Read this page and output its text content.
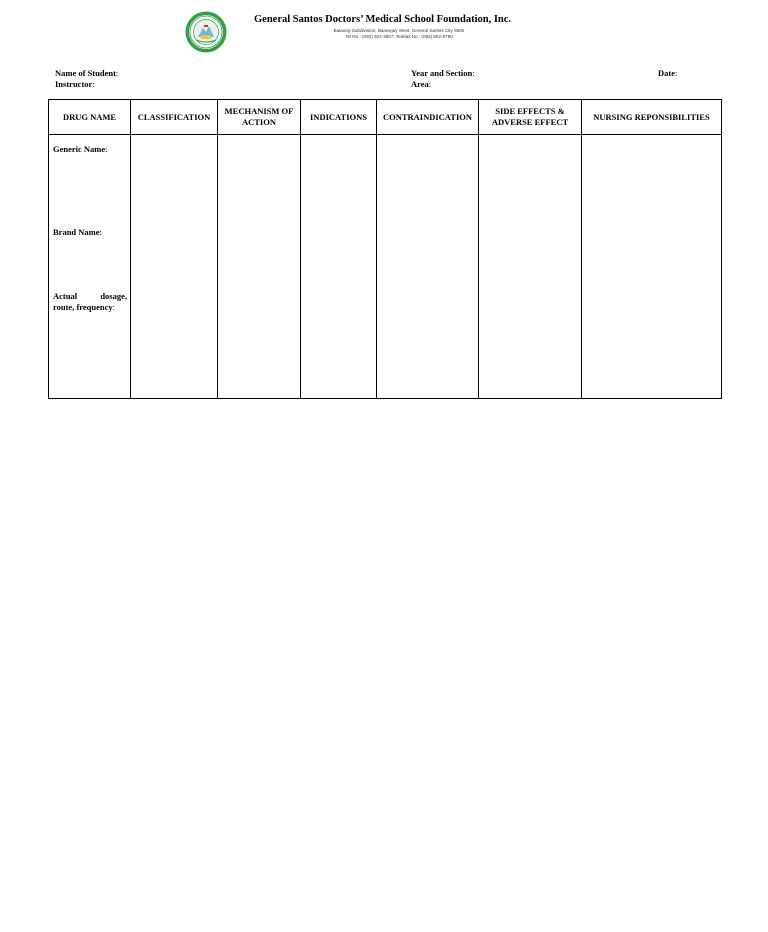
General Santos Doctors’ Medical School Foundation, Inc.
Bulaong Subdivision, Barangay West, General Santos City 9500
Tel No.: (083) 302-3507, Telefax No.: (083) 552-9750
Name of Student:
Instructor:
Year and Section:
Area:
Date:
DRUG NAME	CLASSIFICATION	MECHANISM OF ACTION	INDICATIONS	CONTRAINDICATION	SIDE EFFECTS & ADVERSE EFFECT	NURSING REPONSIBILITIES

Generic Name:
Brand Name:
Actual dosage, route, frequency:						
